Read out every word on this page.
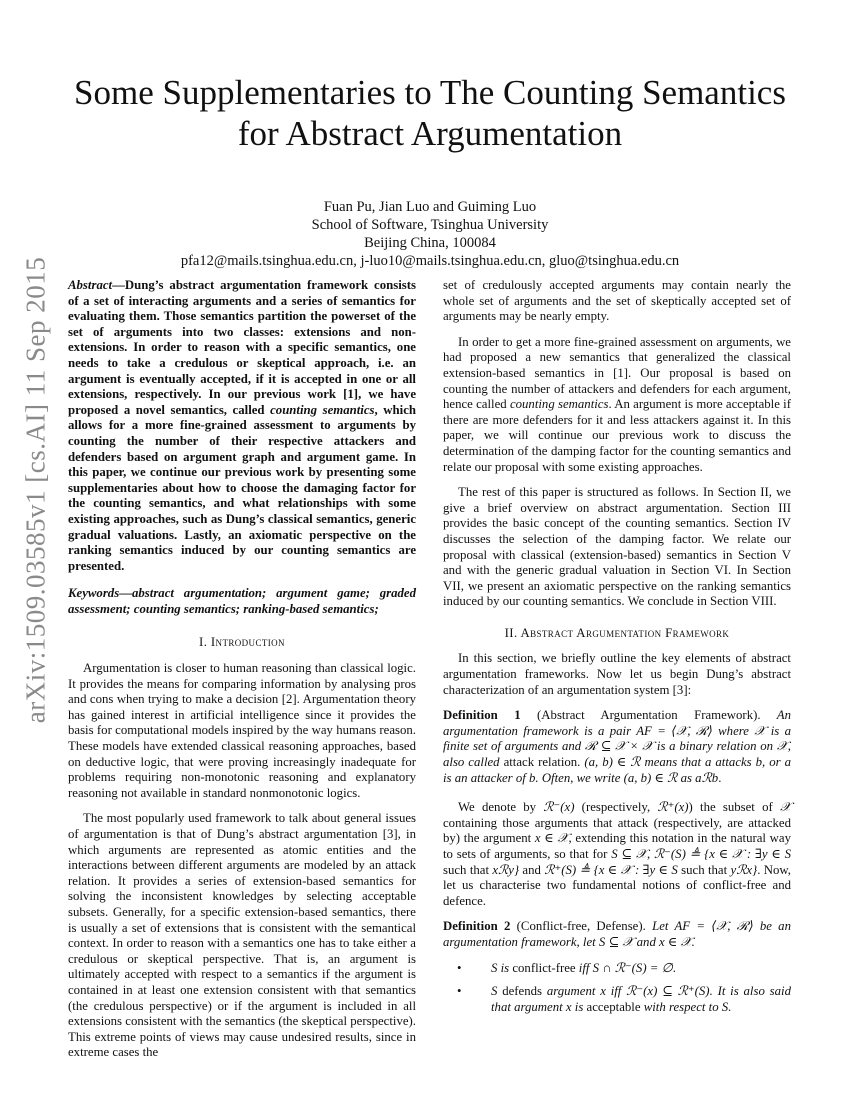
arXiv:1509.03585v1 [cs.AI] 11 Sep 2015
Some Supplementaries to The Counting Semantics
for Abstract Argumentation
Fuan Pu, Jian Luo and Guiming Luo
School of Software, Tsinghua University
Beijing China, 100084
pfa12@mails.tsinghua.edu.cn, j-luo10@mails.tsinghua.edu.cn, gluo@tsinghua.edu.cn

Abstract—Dung’s abstract argumentation framework consists of a set of interacting arguments and a series of semantics for evaluating them. Those semantics partition the powerset of the set of arguments into two classes: extensions and non-extensions. In order to reason with a specific semantics, one needs to take a credulous or skeptical approach, i.e. an argument is eventually accepted, if it is accepted in one or all extensions, respectively. In our previous work [1], we have proposed a novel semantics, called counting semantics, which allows for a more fine-grained assessment to arguments by counting the number of their respective attackers and defenders based on argument graph and argument game. In this paper, we continue our previous work by presenting some supplementaries about how to choose the damaging factor for the counting semantics, and what relationships with some existing approaches, such as Dung’s classical semantics, generic gradual valuations. Lastly, an axiomatic perspective on the ranking semantics induced by our counting semantics are presented.

Keywords—abstract argumentation; argument game; graded assessment; counting semantics; ranking-based semantics;

I. Introduction

Argumentation is closer to human reasoning than classical logic. It provides the means for comparing information by analysing pros and cons when trying to make a decision [2]. Argumentation theory has gained interest in artificial intelligence since it provides the basis for computational models inspired by the way humans reason. These models have extended classical reasoning approaches, based on deductive logic, that were proving increasingly inadequate for problems requiring non-monotonic reasoning and explanatory reasoning not available in standard nonmonotonic logics.

The most popularly used framework to talk about general issues of argumentation is that of Dung’s abstract argumentation [3], in which arguments are represented as atomic entities and the interactions between different arguments are modeled by an attack relation. It provides a series of extension-based semantics for solving the inconsistent knowledges by selecting acceptable subsets. Generally, for a specific extension-based semantics, there is usually a set of extensions that is consistent with the semantical context. In order to reason with a semantics one has to take either a credulous or skeptical perspective. That is, an argument is ultimately accepted with respect to a semantics if the argument is contained in at least one extension consistent with that semantics (the credulous perspective) or if the argument is included in all extensions consistent with the semantics (the skeptical perspective). This extreme points of views may cause undesired results, since in extreme cases the

set of credulously accepted arguments may contain nearly the whole set of arguments and the set of skeptically accepted set of arguments may be nearly empty.

In order to get a more fine-grained assessment on arguments, we had proposed a new semantics that generalized the classical extension-based semantics in [1]. Our proposal is based on counting the number of attackers and defenders for each argument, hence called counting semantics. An argument is more acceptable if there are more defenders for it and less attackers against it. In this paper, we will continue our previous work to discuss the determination of the damping factor for the counting semantics and relate our proposal with some existing approaches.

The rest of this paper is structured as follows. In Section II, we give a brief overview on abstract argumentation. Section III provides the basic concept of the counting semantics. Section IV discusses the selection of the damping factor. We relate our proposal with classical (extension-based) semantics in Section V and with the generic gradual valuation in Section VI. In Section VII, we present an axiomatic perspective on the ranking semantics induced by our counting semantics. We conclude in Section VIII.

II. Abstract Argumentation Framework

In this section, we briefly outline the key elements of abstract argumentation frameworks. Now let us begin Dung’s abstract characterization of an argumentation system [3]:

Definition 1 (Abstract Argumentation Framework). An argumentation framework is a pair AF = ⟨𝒳, ℛ⟩ where 𝒳 is a finite set of arguments and ℛ ⊆ 𝒳 × 𝒳 is a binary relation on 𝒳, also called attack relation. (a, b) ∈ ℛ means that a attacks b, or a is an attacker of b. Often, we write (a, b) ∈ ℛ as aℛb.

We denote by ℛ⁻(x) (respectively, ℛ⁺(x)) the subset of 𝒳 containing those arguments that attack (respectively, are attacked by) the argument x ∈ 𝒳, extending this notation in the natural way to sets of arguments, so that for S ⊆ 𝒳, ℛ⁻(S) ≜ {x ∈ 𝒳 : ∃y ∈ S such that xℛy} and ℛ⁺(S) ≜ {x ∈ 𝒳 : ∃y ∈ S such that yℛx}. Now, let us characterise two fundamental notions of conflict-free and defence.

Definition 2 (Conflict-free, Defense). Let AF = ⟨𝒳, ℛ⟩ be an argumentation framework, let S ⊆ 𝒳 and x ∈ 𝒳.

• S is conflict-free iff S ∩ ℛ⁻(S) = ∅.
• S defends argument x iff ℛ⁻(x) ⊆ ℛ⁺(S). It is also said that argument x is acceptable with respect to S.
